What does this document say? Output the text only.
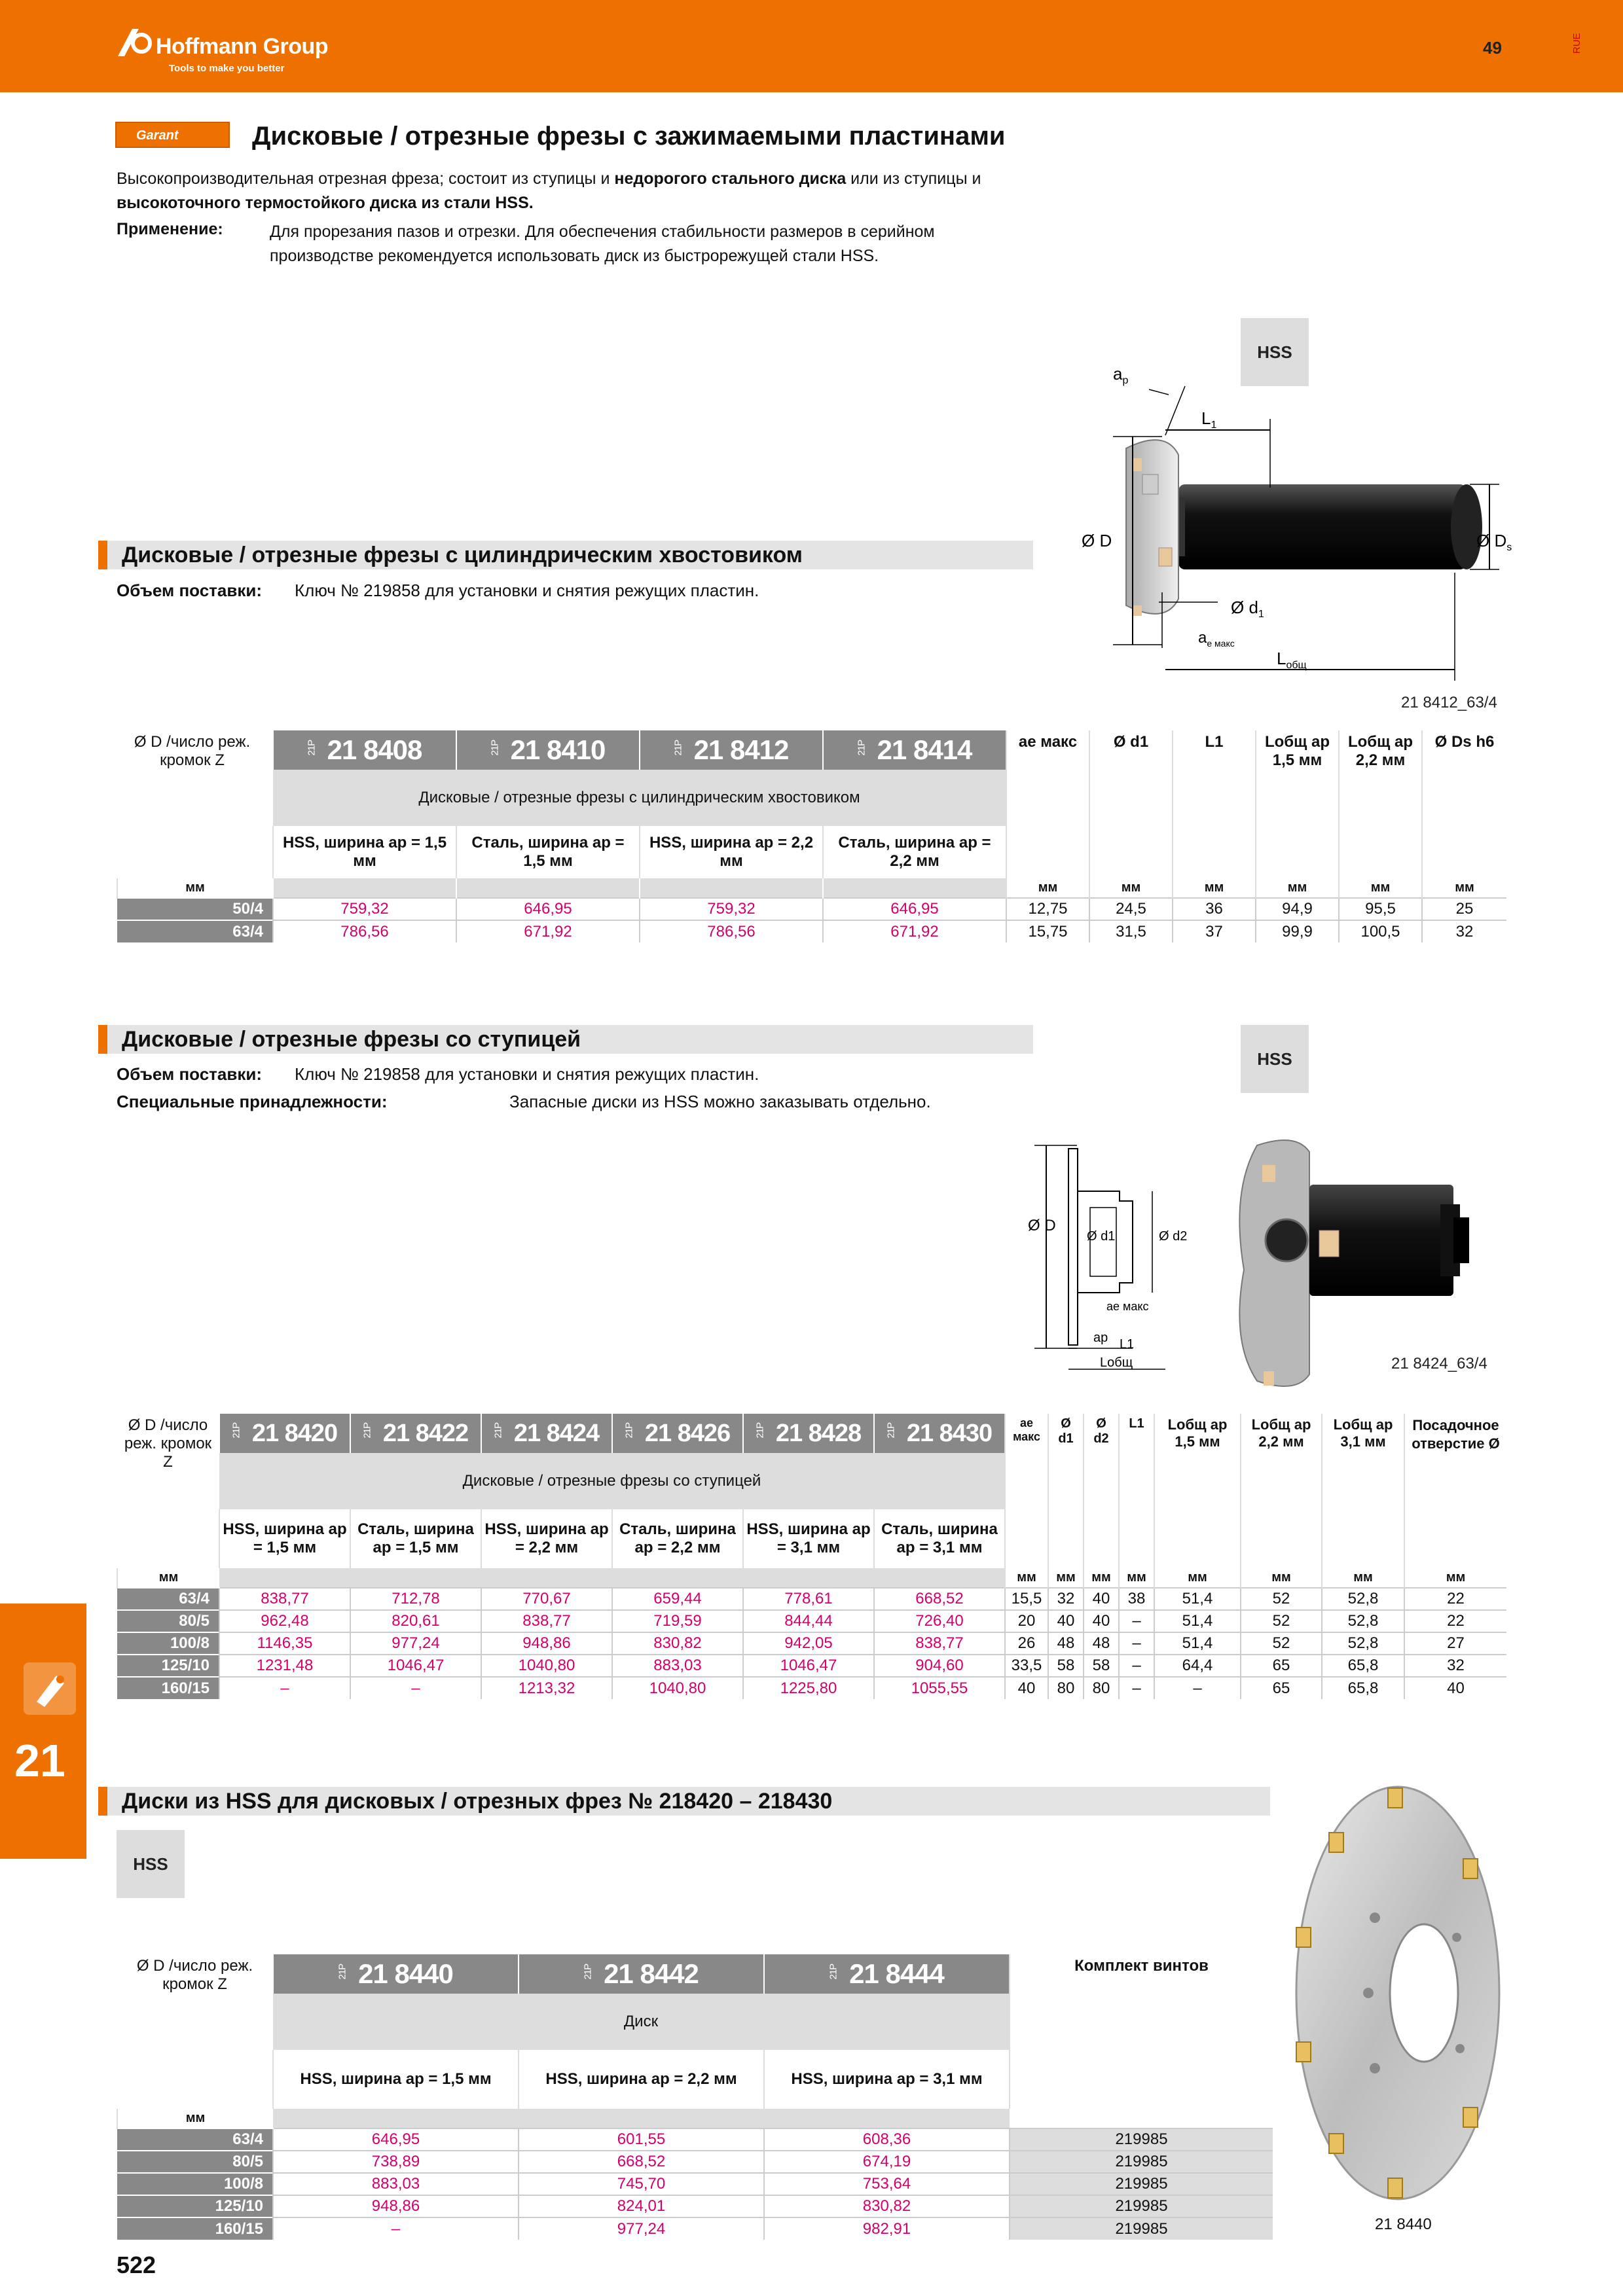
Hoffmann Group
Tools to make you better
49	RUE
Garant	Дисковые / отрезные фрезы с зажимаемыми пластинами
Высокопроизводительная отрезная фреза; состоит из ступицы и недорогого стального диска или из ступицы и высокоточного термостойкого диска из стали HSS.
Применение:	Для прорезания пазов и отрезки. Для обеспечения стабильности размеров в серийном производстве рекомендуется использовать диск из быстрорежущей стали HSS.
HSS
Ø D	Ø $D_s$
$L_1$
$a_p$
Ø $d_1$
$a_{e макс}$
$L_{общ}$
Дисковые / отрезные фрезы с цилиндрическим хвостовиком
Объем поставки: Ключ № 219858 для установки и снятия режущих пластин.
21 8412_63/4
Ø D /число реж. кромок Z	21P 21 8408	21P 21 8410	21P 21 8412	21P 21 8414	ae макс	Ø d1	L1	Lобщ ap 1,5 мм	Lобщ ap 2,2 мм	Ø Ds h6
	Дисковые / отрезные фрезы с цилиндрическим хвостовиком									
	HSS, ширина ap = 1,5 мм	Сталь, ширина ap = 1,5 мм	HSS, ширина ap = 2,2 мм	Сталь, ширина ap = 2,2 мм						
мм					мм	мм	мм	мм	мм	мм
50/4	759,32	646,95	759,32	646,95	12,75	24,5	36	94,9	95,5	25
63/4	786,56	671,92	786,56	671,92	15,75	31,5	37	99,9	100,5	32
Дисковые / отрезные фрезы со ступицей
HSS
Объем поставки: Ключ № 219858 для установки и снятия режущих пластин.
Специальные принадлежности:	Запасные диски из HSS можно заказывать отдельно.
Ø D
Ø d1	Ø d2
ae макс
ap L1
Lобщ	21 8424_63/4
Ø D /число реж. кромок Z	21P 21 8420	21P 21 8422	21P 21 8424	21P 21 8426	21P 21 8428	21P 21 8430	ae макс	Ø d1	Ø d2	L1	Lобщ ap 1,5 мм	Lобщ ap 2,2 мм	Lобщ ap 3,1 мм	Посадочное отверстие Ø
	Дисковые / отрезные фрезы со ступицей													
	HSS, ширина ap = 1,5 мм	Сталь, ширина ap = 1,5 мм	HSS, ширина ap = 2,2 мм	Сталь, ширина ap = 2,2 мм	HSS, ширина ap = 3,1 мм	Сталь, ширина ap = 3,1 мм								
мм							мм	мм	мм	мм	мм	мм	мм	мм
63/4	838,77	712,78	770,67	659,44	778,61	668,52	15,5	32	40	38	51,4	52	52,8	22
80/5	962,48	820,61	838,77	719,59	844,44	726,40	20	40	40	–	51,4	52	52,8	22
100/8	1146,35	977,24	948,86	830,82	942,05	838,77	26	48	48	–	51,4	52	52,8	27
125/10	1231,48	1046,47	1040,80	883,03	1046,47	904,60	33,5	58	58	–	64,4	65	65,8	32
160/15	–	–	1213,32	1040,80	1225,80	1055,55	40	80	80	–	–	65	65,8	40
21
Диски из HSS для дисковых / отрезных фрез № 218420 – 218430
HSS
21 8440
Ø D /число реж. кромок Z	21P 21 8440	21P 21 8442	21P 21 8444	Комплект винтов
	Диск			
	HSS, ширина ap = 1,5 мм	HSS, ширина ap = 2,2 мм	HSS, ширина ap = 3,1 мм	
мм				
63/4	646,95	601,55	608,36	219985
80/5	738,89	668,52	674,19	219985
100/8	883,03	745,70	753,64	219985
125/10	948,86	824,01	830,82	219985
160/15	–	977,24	982,91	219985
522
